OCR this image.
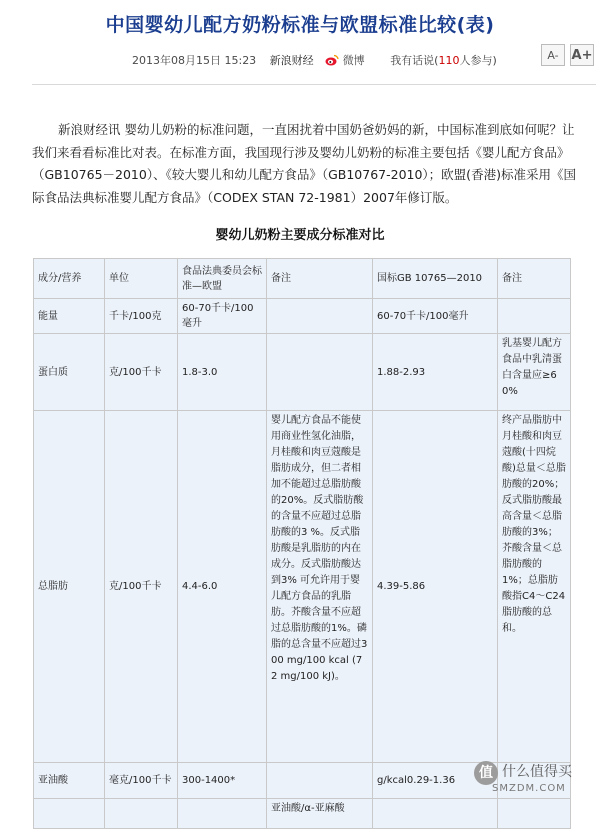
中国婴幼儿配方奶粉标准与欧盟标准比较(表)
2013年08月15日 15:23 新浪财经	微博 我有话说(110人参与)	A- A+
新浪财经讯 婴幼儿奶粉的标准问题，一直困扰着中国奶爸奶妈的新，中国标准到底如何呢？让我们来看看标准比对表。在标准方面，我国现行涉及婴幼儿奶粉的标准主要包括《婴儿配方食品》（GB10765－2010）、《较大婴儿和幼儿配方食品》（GB10767-2010）；欧盟(香港)标准采用《国际食品法典标准婴儿配方食品》（CODEX STAN 72-1981）2007年修订版。
婴幼儿奶粉主要成分标准对比
成分/营养	单位	食品法典委员会标准—欧盟	备注	国标GB 10765—2010	备注
能量	千卡/100克	60-70千卡/100毫升		60-70千卡/100毫升	
蛋白质	克/100千卡	1.8-3.0		1.88-2.93	乳基婴儿配方食品中乳清蛋白含量应≥60%
总脂肪	克/100千卡	4.4-6.0	婴儿配方食品不能使用商业性氢化油脂，月桂酸和肉豆蔻酸是脂肪成分，但二者相加不能超过总脂肪酸的20%。反式脂肪酸的含量不应超过总脂肪酸的3 %。反式脂肪酸是乳脂肪的内在成分。反式脂肪酸达到3% 可允许用于婴儿配方食品的乳脂肪。芥酸含量不应超过总脂肪酸的1%。磷脂的总含量不应超过300 mg/100 kcal (72 mg/100 kJ)。	4.39-5.86	终产品脂肪中月桂酸和肉豆蔻酸(十四烷酸)总量＜总脂肪酸的20%；反式脂肪酸最高含量＜总脂肪酸的3%；芥酸含量＜总脂肪酸的1%；总脂肪酸指C4～C24脂肪酸的总和。
亚油酸	毫克/100千卡	300-1400*		g/kcal0.29-1.36	
			亚油酸/α-亚麻酸		
值 什么值得买
SMZDM.COM
